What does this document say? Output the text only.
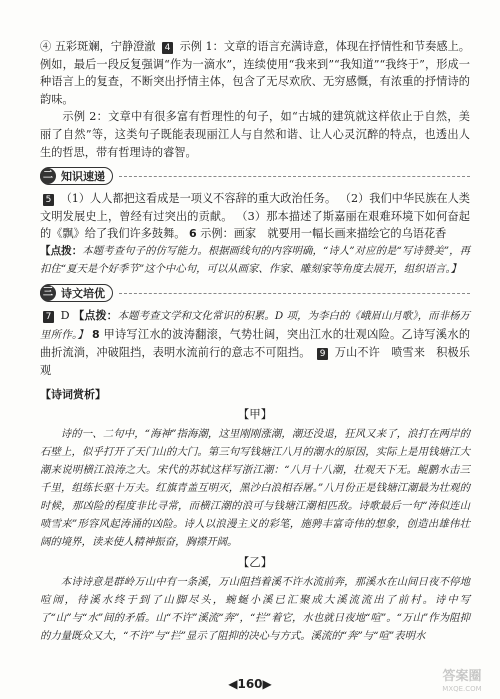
④ 五彩斑斓，宁静澄澈 4 示例 1：文章的语言充满诗意，体现在抒情性和节奏感上。例如，最后一段反复强调“作为一滴水”，连续使用“我来到”“我知道”“我终于”，形成一种语言上的复查，不断突出抒情主体，包含了无尽欢欣、无穷感慨，有浓重的抒情诗的韵味。

示例 2：文章中有很多富有哲理性的句子，如“古城的建筑就这样依止于自然，美丽了自然”等，这类句子既能表现丽江人与自然和谐、让人心灵沉醉的特点，也透出人生的哲思，带有哲理诗的睿智。

二 知识速递

5 （1）人人都把这看成是一项义不容辞的重大政治任务。 （2）我们中华民族在人类文明发展史上，曾经有过突出的贡献。 （3）那本描述了斯嘉丽在艰难环境下如何奋起的《飘》给了我们许多鼓舞。 6 示例：画家　就要用一幅长画来描绘它的乌语花香

【点拨：本题考查句子的仿写能力。根据画线句的内容明确，“诗人”对应的是“写诗赞美”，再扣住“夏天是个好季节”这个中心句，可以从画家、作家、雕刻家等角度去展开，组织语言。】

三 诗文培优

7 D 【点拨：本题考查文学和文化常识的积累。D 项，为李白的《峨眉山月歌》，而非杨万里所作。】 8 甲诗写江水的波涛翻滚，气势壮阔，突出江水的壮观凶险。乙诗写溪水的曲折流淌，冲破阻挡，表明水流前行的意志不可阻挡。 9 万山不许　喷雪来　积极乐观

【诗词赏析】
【甲】

诗的一、二句中，“海神”指海潮，这里刚刚涨潮，潮还没退，狂风又来了，浪打在两岸的石壁上，似乎打开了天门山的大门。第三句写钱塘江八月的潮水的原因，实际上是用钱塘江大潮来说明横江浪涛之大。宋代的苏轼这样写浙江潮：“八月十八潮，壮观天下无。鲲鹏水击三千里，组练长驱十万夫。红旗青盖互明灭，黑沙白浪相吞屠。”八月份正是钱塘江潮最为壮观的时候，那凶险的程度非比寻常，而横江潮的浪可与钱塘江潮相匹敌。诗歌最后一句“涛似连山喷雪来”形容风起涛涌的凶险。诗人以浪漫主义的彩笔，施骋丰富奇伟的想象，创造出雄伟壮阔的境界，读来使人精神振奋，胸襟开阔。

【乙】

本诗诗意是群岭万山中有一条溪，万山阻挡着溪不许水流前奔，那溪水在山间日夜不停地喧闹，待溪水终于到了山脚尽头，蜿蜒小溪已汇聚成大溪流流出了前村。诗中写了“山”与“水”间的矛盾。山“不许”溪流“奔”，“拦”着它，水也就日夜地“喧”。“万山”作为阻抑的力量既众又大，“不许”与“拦”显示了阻抑的决心与方式。溪流的“奔”与“喧”表明水

◀160▶	答案圈
MXQE.COM
